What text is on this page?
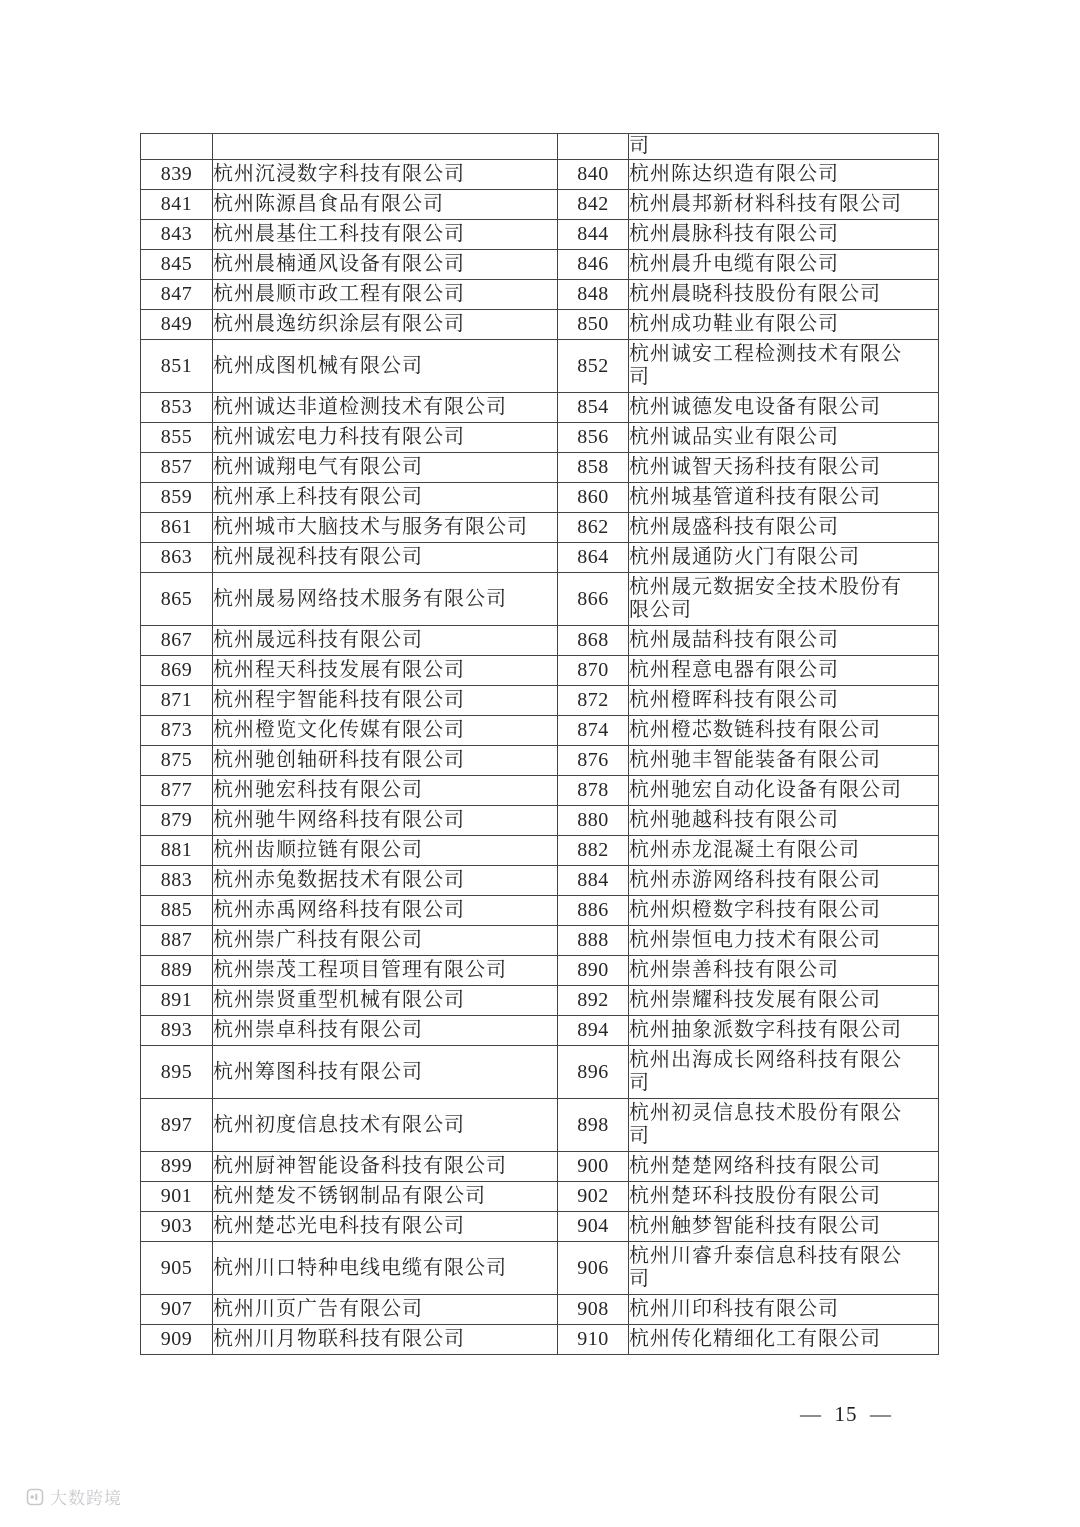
			司
839	杭州沉浸数字科技有限公司	840	杭州陈达织造有限公司
841	杭州陈源昌食品有限公司	842	杭州晨邦新材料科技有限公司
843	杭州晨基住工科技有限公司	844	杭州晨脉科技有限公司
845	杭州晨楠通风设备有限公司	846	杭州晨升电缆有限公司
847	杭州晨顺市政工程有限公司	848	杭州晨晓科技股份有限公司
849	杭州晨逸纺织涂层有限公司	850	杭州成功鞋业有限公司
851	杭州成图机械有限公司	852	杭州诚安工程检测技术有限公司
853	杭州诚达非道检测技术有限公司	854	杭州诚德发电设备有限公司
855	杭州诚宏电力科技有限公司	856	杭州诚品实业有限公司
857	杭州诚翔电气有限公司	858	杭州诚智天扬科技有限公司
859	杭州承上科技有限公司	860	杭州城基管道科技有限公司
861	杭州城市大脑技术与服务有限公司	862	杭州晟盛科技有限公司
863	杭州晟视科技有限公司	864	杭州晟通防火门有限公司
865	杭州晟易网络技术服务有限公司	866	杭州晟元数据安全技术股份有限公司
867	杭州晟远科技有限公司	868	杭州晟喆科技有限公司
869	杭州程天科技发展有限公司	870	杭州程意电器有限公司
871	杭州程宇智能科技有限公司	872	杭州橙晖科技有限公司
873	杭州橙览文化传媒有限公司	874	杭州橙芯数链科技有限公司
875	杭州驰创轴研科技有限公司	876	杭州驰丰智能装备有限公司
877	杭州驰宏科技有限公司	878	杭州驰宏自动化设备有限公司
879	杭州驰牛网络科技有限公司	880	杭州驰越科技有限公司
881	杭州齿顺拉链有限公司	882	杭州赤龙混凝土有限公司
883	杭州赤兔数据技术有限公司	884	杭州赤游网络科技有限公司
885	杭州赤禹网络科技有限公司	886	杭州炽橙数字科技有限公司
887	杭州崇广科技有限公司	888	杭州崇恒电力技术有限公司
889	杭州崇茂工程项目管理有限公司	890	杭州崇善科技有限公司
891	杭州崇贤重型机械有限公司	892	杭州崇耀科技发展有限公司
893	杭州崇卓科技有限公司	894	杭州抽象派数字科技有限公司
895	杭州筹图科技有限公司	896	杭州出海成长网络科技有限公司
897	杭州初度信息技术有限公司	898	杭州初灵信息技术股份有限公司
899	杭州厨神智能设备科技有限公司	900	杭州楚楚网络科技有限公司
901	杭州楚发不锈钢制品有限公司	902	杭州楚环科技股份有限公司
903	杭州楚芯光电科技有限公司	904	杭州触梦智能科技有限公司
905	杭州川口特种电线电缆有限公司	906	杭州川睿升泰信息科技有限公司
907	杭州川页广告有限公司	908	杭州川印科技有限公司
909	杭州川月物联科技有限公司	910	杭州传化精细化工有限公司
—  15  —
大数跨境
